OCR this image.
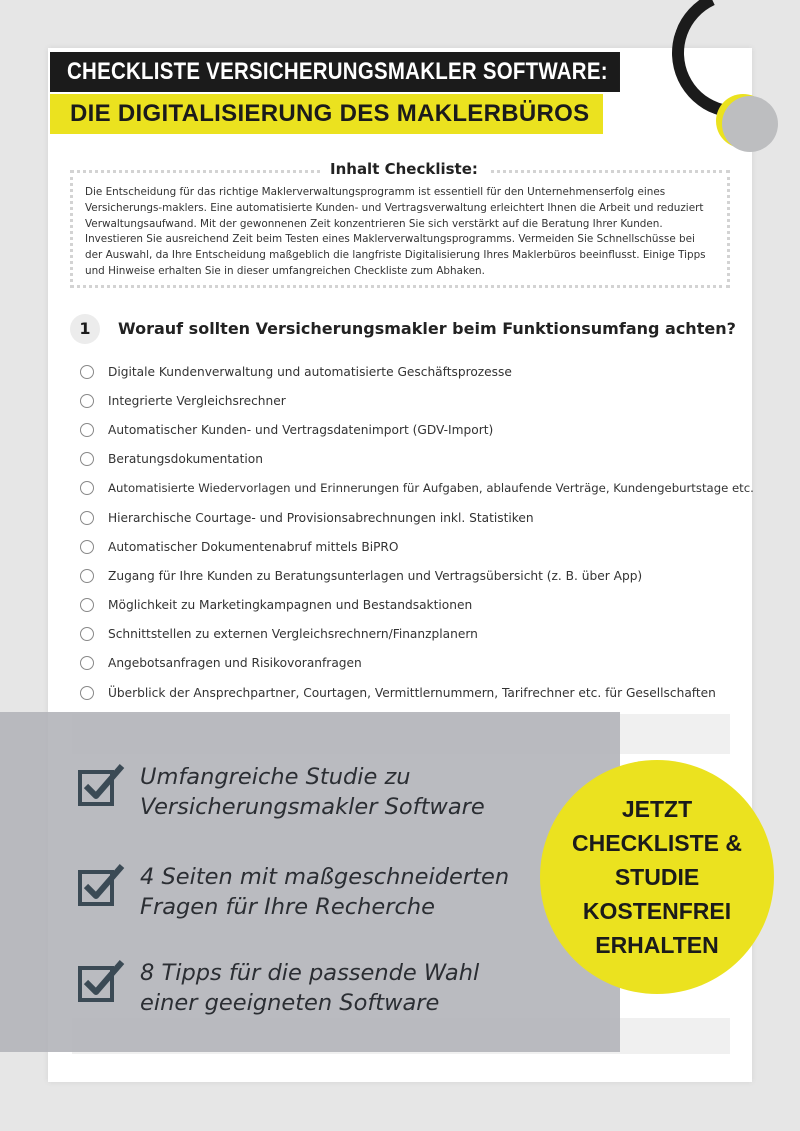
CHECKLISTE VERSICHERUNGSMAKLER SOFTWARE:
DIE DIGITALISIERUNG DES MAKLERBÜROS

Die Entscheidung für das richtige Maklerverwaltungsprogramm ist essentiell für den Unternehmenserfolg eines Versicherungs-maklers. Eine automatisierte Kunden- und Vertragsverwaltung erleichtert Ihnen die Arbeit und reduziert Verwaltungsaufwand. Mit der gewonnenen Zeit konzentrieren Sie sich verstärkt auf die Beratung Ihrer Kunden. Investieren Sie ausreichend Zeit beim Testen eines Maklerverwaltungsprogramms. Vermeiden Sie Schnellschüsse bei der Auswahl, da Ihre Entscheidung maßgeblich die langfriste Digitalisierung Ihres Maklerbüros beeinflusst. Einige Tipps und Hinweise erhalten Sie in dieser umfangreichen Checkliste zum Abhaken.

Inhalt Checkliste:
1	Worauf sollten Versicherungsmakler beim Funktionsumfang achten?
Digitale Kundenverwaltung und automatisierte Geschäftsprozesse
Integrierte Vergleichsrechner
Automatischer Kunden- und Vertragsdatenimport (GDV-Import)
Beratungsdokumentation
Automatisierte Wiedervorlagen und Erinnerungen für Aufgaben, ablaufende Verträge, Kundengeburtstage etc.
Hierarchische Courtage- und Provisionsabrechnungen inkl. Statistiken
Automatischer Dokumentenabruf mittels BiPRO
Zugang für Ihre Kunden zu Beratungsunterlagen und Vertragsübersicht (z. B. über App)
Möglichkeit zu Marketingkampagnen und Bestandsaktionen
Schnittstellen zu externen Vergleichsrechnern/Finanzplanern
Angebotsanfragen und Risikovoranfragen
Überblick der Ansprechpartner, Courtagen, Vermittlernummern, Tarifrechner etc. für Gesellschaften
Umfangreiche Studie zu Versicherungsmakler Software
4 Seiten mit maßgeschneiderten Fragen für Ihre Recherche
8 Tipps für die passende Wahl einer geeigneten Software
JETZT CHECKLISTE & STUDIE KOSTENFREI ERHALTEN
